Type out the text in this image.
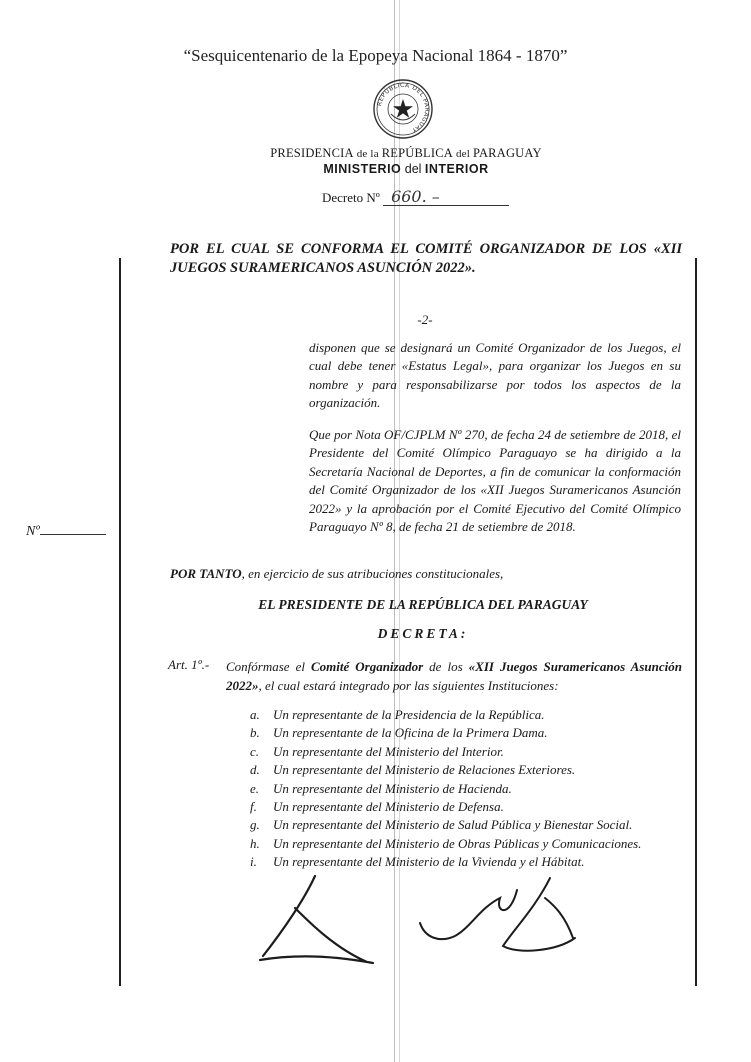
“Sesquicentenario de la Epopeya Nacional 1864 - 1870”
REPÚBLICA DEL PARAGUAY
PRESIDENCIA de la REPÚBLICA del PARAGUAY
MINISTERIO del INTERIOR
Decreto Nº 660. –
POR EL CUAL SE CONFORMA EL COMITÉ ORGANIZADOR DE LOS «XII JUEGOS SURAMERICANOS ASUNCIÓN 2022».
-2-
disponen que se designará un Comité Organizador de los Juegos, el cual debe tener «Estatus Legal», para organizar los Juegos en su nombre y para responsabilizarse por todos los aspectos de la organización.
Que por Nota OF/CJPLM Nº 270, de fecha 24 de setiembre de 2018, el Presidente del Comité Olímpico Paraguayo se ha dirigido a la Secretaría Nacional de Deportes, a fin de comunicar la conformación del Comité Organizador de los «XII Juegos Suramericanos Asunción 2022» y la aprobación por el Comité Ejecutivo del Comité Olímpico Paraguayo Nº 8, de fecha 21 de setiembre de 2018.
Nº
POR TANTO, en ejercicio de sus atribuciones constitucionales,
EL PRESIDENTE DE LA REPÚBLICA DEL PARAGUAY
DECRETA:
Art. 1º.- Confórmase el Comité Organizador de los «XII Juegos Suramericanos Asunción 2022», el cual estará integrado por las siguientes Instituciones:
a. Un representante de la Presidencia de la República.
b. Un representante de la Oficina de la Primera Dama.
c. Un representante del Ministerio del Interior.
d. Un representante del Ministerio de Relaciones Exteriores.
e. Un representante del Ministerio de Hacienda.
f. Un representante del Ministerio de Defensa.
g. Un representante del Ministerio de Salud Pública y Bienestar Social.
h. Un representante del Ministerio de Obras Públicas y Comunicaciones.
i. Un representante del Ministerio de la Vivienda y el Hábitat.
